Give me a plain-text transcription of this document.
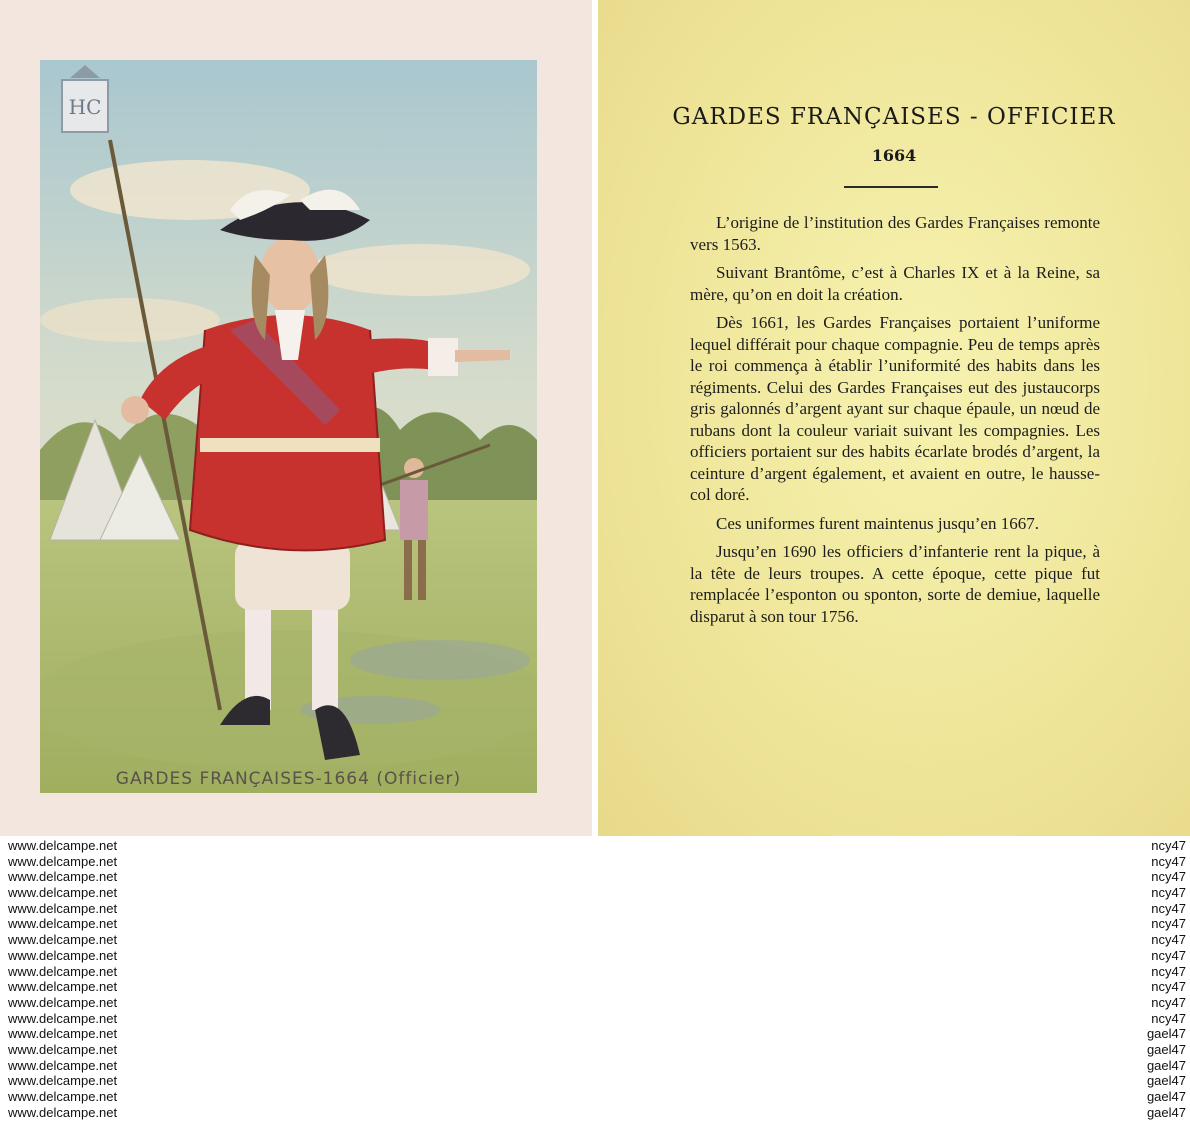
HC
GARDES FRANÇAISES-1664 (Officier)
GARDES FRANÇAISES - OFFICIER
1664

L’origine de l’institution des Gardes Françaises remonte vers 1563.

Suivant Brantôme, c’est à Charles IX et à la Reine, sa mère, qu’on en doit la création.

Dès 1661, les Gardes Françaises portaient l’uniforme lequel différait pour chaque compagnie. Peu de temps après le roi commença à établir l’uniformité des habits dans les régiments. Celui des Gardes Françaises eut des justaucorps gris galonnés d’argent ayant sur chaque épaule, un nœud de rubans dont la couleur variait suivant les compagnies. Les officiers portaient sur des habits écarlate brodés d’argent, la ceinture d’argent également, et avaient en outre, le hausse-col doré.

Ces uniformes furent maintenus jusqu’en 1667.

Jusqu’en 1690 les officiers d’infanterie rent la pique, à la tête de leurs troupes. A cette époque, cette pique fut remplacée l’esponton ou sponton, sorte de demiue, laquelle disparut à son tour 1756.

www.delcampe.net
www.delcampe.net
www.delcampe.net
www.delcampe.net
www.delcampe.net
www.delcampe.net
www.delcampe.net
www.delcampe.net
www.delcampe.net
www.delcampe.net
www.delcampe.net
www.delcampe.net
www.delcampe.net
www.delcampe.net
www.delcampe.net
www.delcampe.net
www.delcampe.net
www.delcampe.net
ncy47
ncy47
ncy47
ncy47
ncy47
ncy47
ncy47
ncy47
ncy47
ncy47
ncy47
ncy47
gael47
gael47
gael47
gael47
gael47
gael47
